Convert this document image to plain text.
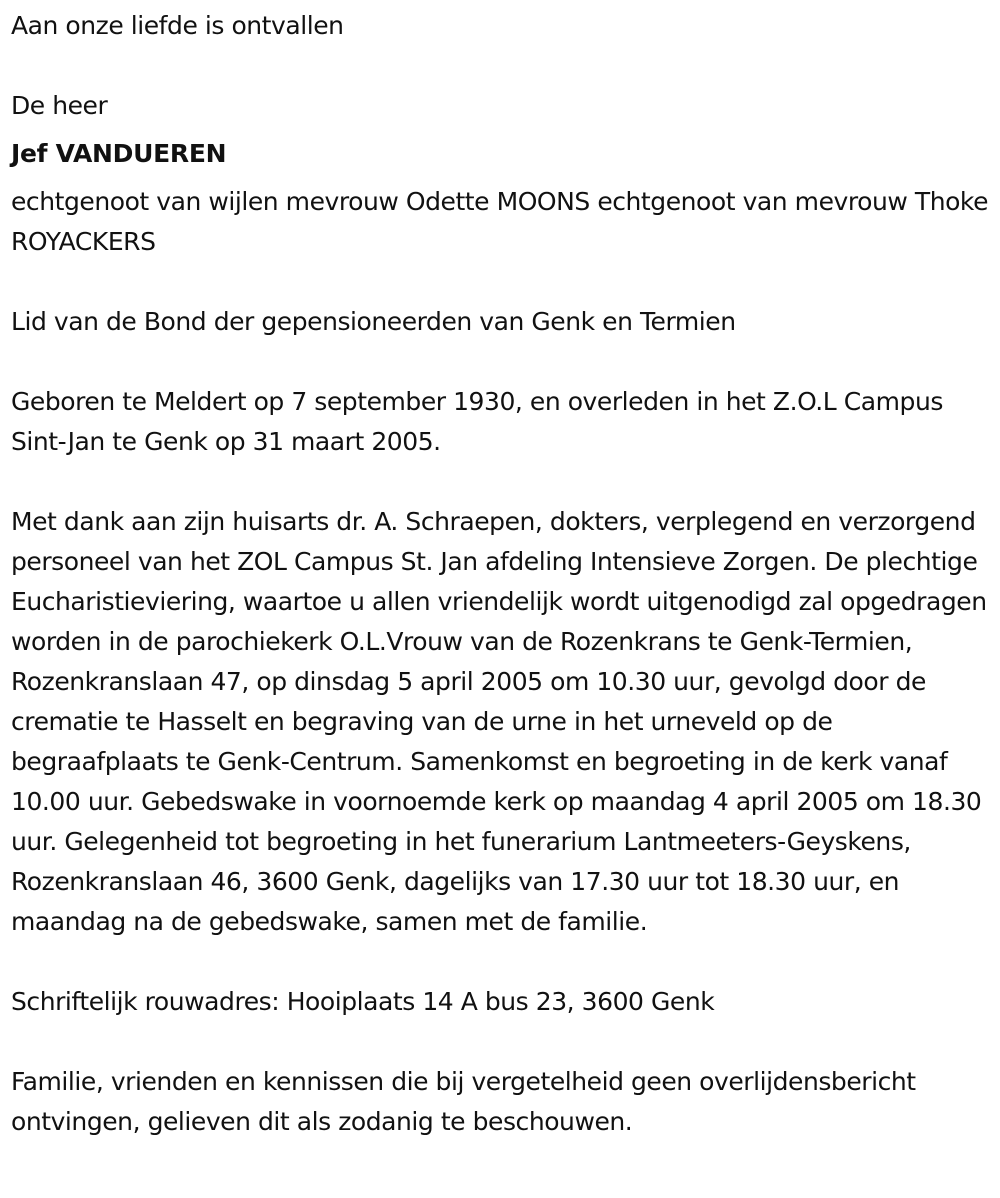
Aan onze liefde is ontvallen

De heer

Jef VANDUEREN

echtgenoot van wijlen mevrouw Odette MOONS echtgenoot van mevrouw Thoke ROYACKERS

Lid van de Bond der gepensioneerden van Genk en Termien

Geboren te Meldert op 7 september 1930, en overleden in het Z.O.L Campus Sint-Jan te Genk op 31 maart 2005.

Met dank aan zijn huisarts dr. A. Schraepen, dokters, verplegend en verzorgend personeel van het ZOL Campus St. Jan afdeling Intensieve Zorgen. De plechtige Eucharistieviering, waartoe u allen vriendelijk wordt uitgenodigd zal opgedragen worden in de parochiekerk O.L.Vrouw van de Rozenkrans te Genk-Termien, Rozenkranslaan 47, op dinsdag 5 april 2005 om 10.30 uur, gevolgd door de crematie te Hasselt en begraving van de urne in het urneveld op de begraafplaats te Genk-Centrum. Samenkomst en begroeting in de kerk vanaf 10.00 uur. Gebedswake in voornoemde kerk op maandag 4 april 2005 om 18.30 uur. Gelegenheid tot begroeting in het funerarium Lantmeeters-Geyskens, Rozenkranslaan 46, 3600 Genk, dagelijks van 17.30 uur tot 18.30 uur, en maandag na de gebedswake, samen met de familie.

Schriftelijk rouwadres: Hooiplaats 14 A bus 23, 3600 Genk

Familie, vrienden en kennissen die bij vergetelheid geen overlijdensbericht ontvingen, gelieven dit als zodanig te beschouwen.
